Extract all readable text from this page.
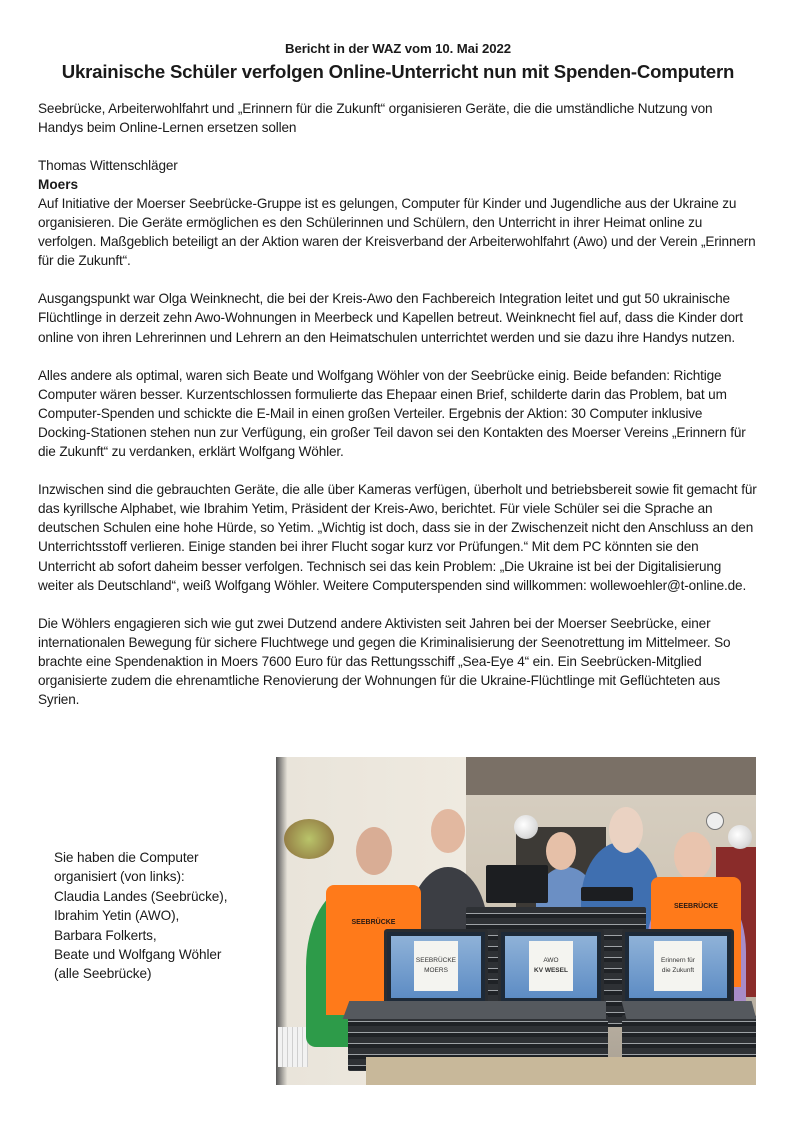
Bericht in der WAZ vom 10. Mai 2022
Ukrainische Schüler verfolgen Online-Unterricht nun mit Spenden-Computern
Seebrücke, Arbeiterwohlfahrt und „Erinnern für die Zukunft“ organisieren Geräte, die die umständliche Nutzung von Handys beim Online-Lernen ersetzen sollen
Thomas Wittenschläger
Moers
Auf Initiative der Moerser Seebrücke-Gruppe ist es gelungen, Computer für Kinder und Jugendliche aus der Ukraine zu organisieren. Die Geräte ermöglichen es den Schülerinnen und Schülern, den Unterricht in ihrer Heimat online zu verfolgen. Maßgeblich beteiligt an der Aktion waren der Kreisverband der Arbeiterwohlfahrt (Awo) und der Verein „Erinnern für die Zukunft“.
Ausgangspunkt war Olga Weinknecht, die bei der Kreis-Awo den Fachbereich Integration leitet und gut 50 ukrainische Flüchtlinge in derzeit zehn Awo-Wohnungen in Meerbeck und Kapellen betreut. Weinknecht fiel auf, dass die Kinder dort online von ihren Lehrerinnen und Lehrern an den Heimatschulen unterrichtet werden und sie dazu ihre Handys nutzen.
Alles andere als optimal, waren sich Beate und Wolfgang Wöhler von der Seebrücke einig. Beide befanden: Richtige Computer wären besser. Kurzentschlossen formulierte das Ehepaar einen Brief, schilderte darin das Problem, bat um Computer-Spenden und schickte die E-Mail in einen großen Verteiler. Ergebnis der Aktion: 30 Computer inklusive Docking-Stationen stehen nun zur Verfügung, ein großer Teil davon sei den Kontakten des Moerser Vereins „Erinnern für die Zukunft“ zu verdanken, erklärt Wolfgang Wöhler.
Inzwischen sind die gebrauchten Geräte, die alle über Kameras verfügen, überholt und betriebsbereit sowie fit gemacht für das kyrillsche Alphabet, wie Ibrahim Yetim, Präsident der Kreis-Awo, berichtet. Für viele Schüler sei die Sprache an deutschen Schulen eine hohe Hürde, so Yetim. „Wichtig ist doch, dass sie in der Zwischenzeit nicht den Anschluss an den Unterrichtsstoff verlieren. Einige standen bei ihrer Flucht sogar kurz vor Prüfungen.“ Mit dem PC könnten sie den Unterricht ab sofort daheim besser verfolgen. Technisch sei das kein Problem: „Die Ukraine ist bei der Digitalisierung weiter als Deutschland“, weiß Wolfgang Wöhler. Weitere Computerspenden sind willkommen: wollewoehler@t-online.de.
Die Wöhlers engagieren sich wie gut zwei Dutzend andere Aktivisten seit Jahren bei der Moerser Seebrücke, einer internationalen Bewegung für sichere Fluchtwege und gegen die Kriminalisierung der Seenotrettung im Mittelmeer. So brachte eine Spendenaktion in Moers 7600 Euro für das Rettungsschiff „Sea-Eye 4“ ein. Ein Seebrücken-Mitglied organisierte zudem die ehrenamtliche Renovierung der Wohnungen für die Ukraine-Flüchtlinge mit Geflüchteten aus Syrien.
Sie haben die Computer
organisiert (von links):
Claudia Landes (Seebrücke),
Ibrahim Yetin (AWO),
Barbara Folkerts,
Beate und Wolfgang Wöhler
(alle Seebrücke)
SEEBRÜCKE
SEEBRÜCKE
SEEBRÜCKE
MOERS
AWO
KV WESEL
Erinnern für
die Zukunft
